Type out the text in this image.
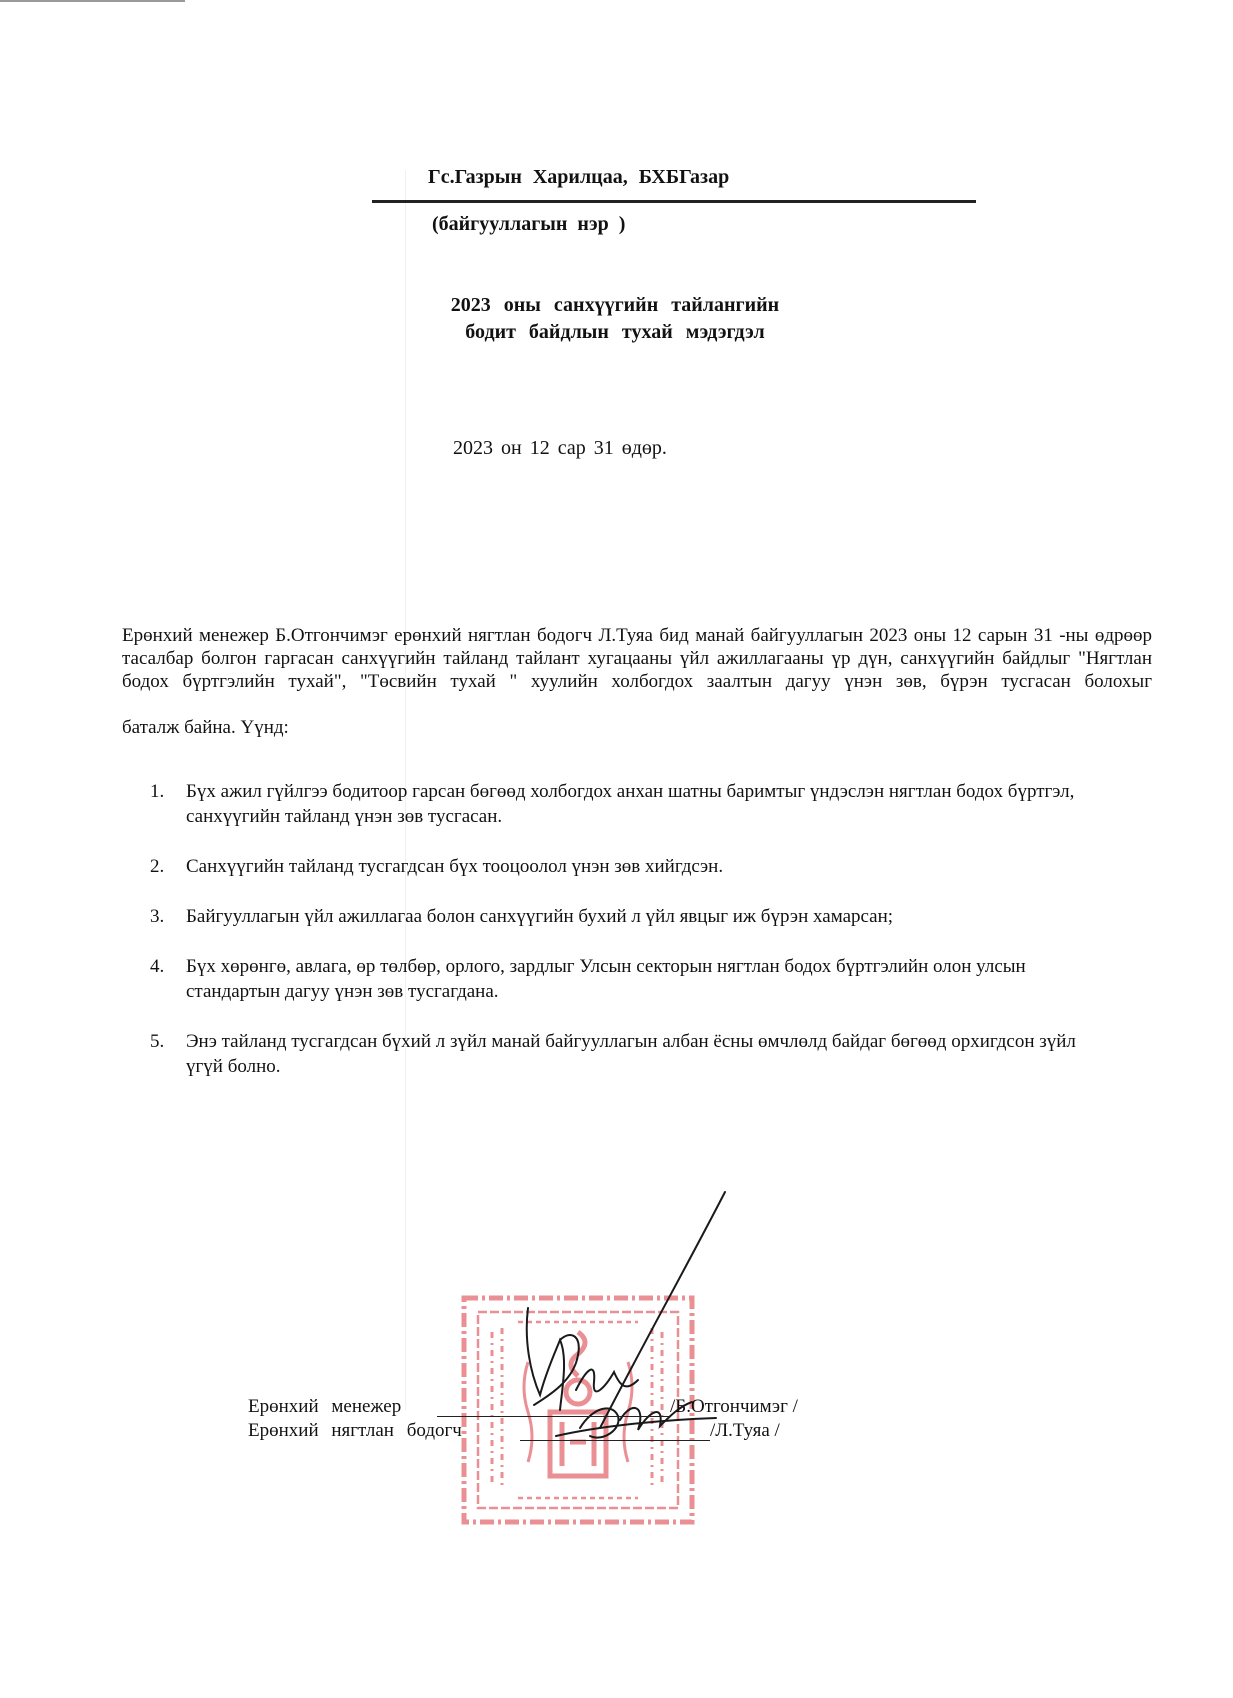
Гс.Газрын Харилцаа, БХБГазар
(байгууллагын нэр )
2023 оны санхүүгийн тайлангийн
бодит байдлын тухай мэдэгдэл
2023 он 12 сар 31 өдөр.
Ерөнхий менежер Б.Отгончимэг ерөнхий нягтлан бодогч Л.Туяа бид манай байгууллагын 2023 оны 12 сарын 31 -ны өдрөөр тасалбар болгон гаргасан санхүүгийн тайланд тайлант хугацааны үйл ажиллагааны үр дүн, санхүүгийн байдлыг "Нягтлан бодох бүртгэлийн тухай", "Төсвийн тухай " хуулийн холбогдох заалтын дагуу үнэн зөв, бүрэн тусгасан болохыг
баталж байна. Үүнд:
1. Бүх ажил гүйлгээ бодитоор гарсан бөгөөд холбогдох анхан шатны баримтыг үндэслэн нягтлан бодох бүртгэл, санхүүгийн тайланд үнэн зөв тусгасан.
2. Санхүүгийн тайланд тусгагдсан бүх тооцоолол үнэн зөв хийгдсэн.
3. Байгууллагын үйл ажиллагаа болон санхүүгийн бухий л үйл явцыг иж бүрэн хамарсан;
4. Бүх хөрөнгө, авлага, өр төлбөр, орлого, зардлыг Улсын секторын нягтлан бодох бүртгэлийн олон улсын стандартын дагуу үнэн зөв тусгагдана.
5. Энэ тайланд тусгагдсан бүхий л зүйл манай байгууллагын албан ёсны өмчлөлд байдаг бөгөөд орхигдсон зүйл үгүй болно.
Ерөнхий менежер	/Б.Отгончимэг /
Ерөнхий нягтлан бодогч	/Л.Туяа /
